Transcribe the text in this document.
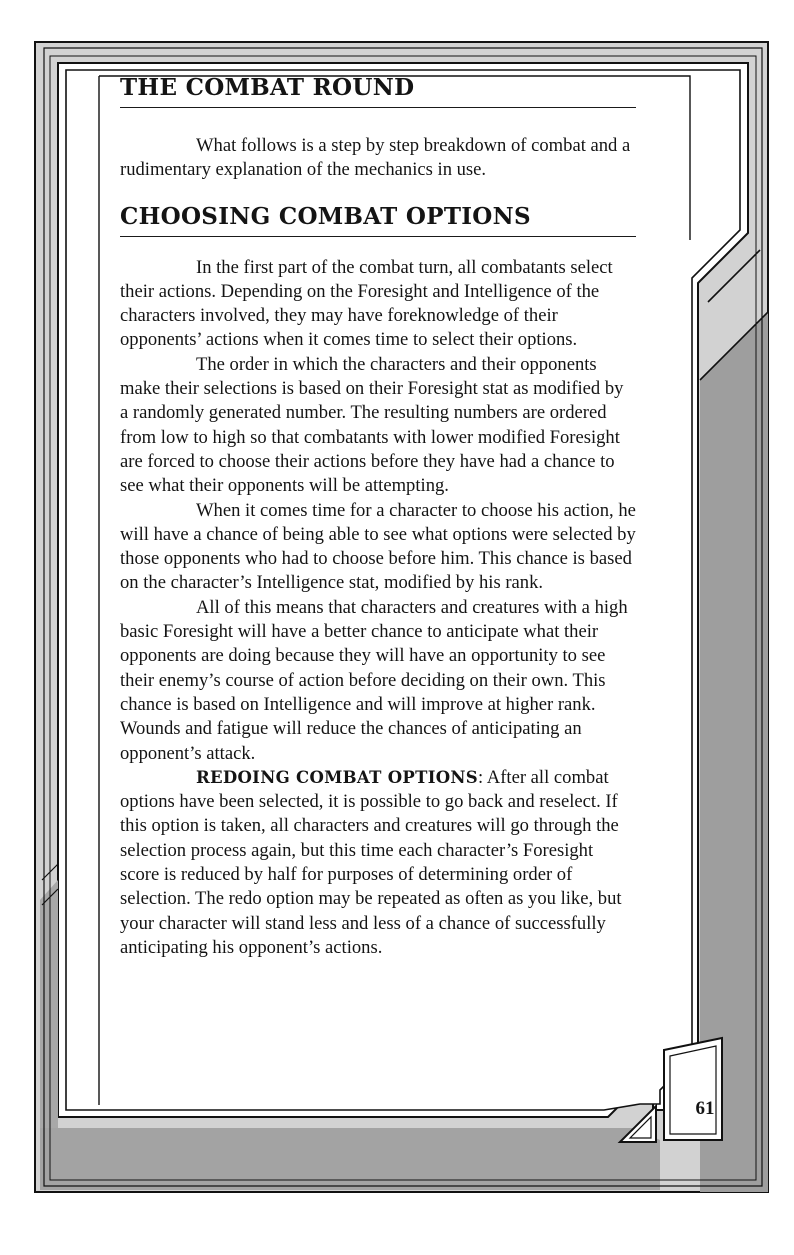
THE COMBAT ROUND

What follows is a step by step breakdown of combat and a rudimentary explanation of the mechanics in use.

CHOOSING COMBAT OPTIONS

In the first part of the combat turn, all combatants select their actions. Depending on the Foresight and Intelligence of the characters involved, they may have foreknowledge of their opponents’ actions when it comes time to select their options.

The order in which the characters and their opponents make their selections is based on their Foresight stat as modified by a randomly generated number. The resulting numbers are ordered from low to high so that combatants with lower modified Foresight are forced to choose their actions before they have had a chance to see what their opponents will be attempting.

When it comes time for a character to choose his action, he will have a chance of being able to see what options were selected by those opponents who had to choose before him. This chance is based on the character’s Intelligence stat, modified by his rank.

All of this means that characters and creatures with a high basic Foresight will have a better chance to anticipate what their opponents are doing because they will have an opportunity to see their enemy’s course of action before deciding on their own. This chance is based on Intelligence and will improve at higher rank. Wounds and fatigue will reduce the chances of anticipating an opponent’s attack.

REDOING COMBAT OPTIONS: After all combat options have been selected, it is possible to go back and reselect. If this option is taken, all characters and creatures will go through the selection process again, but this time each character’s Foresight score is reduced by half for purposes of determining order of selection. The redo option may be repeated as often as you like, but your character will stand less and less of a chance of successfully anticipating his opponent’s actions.

61
